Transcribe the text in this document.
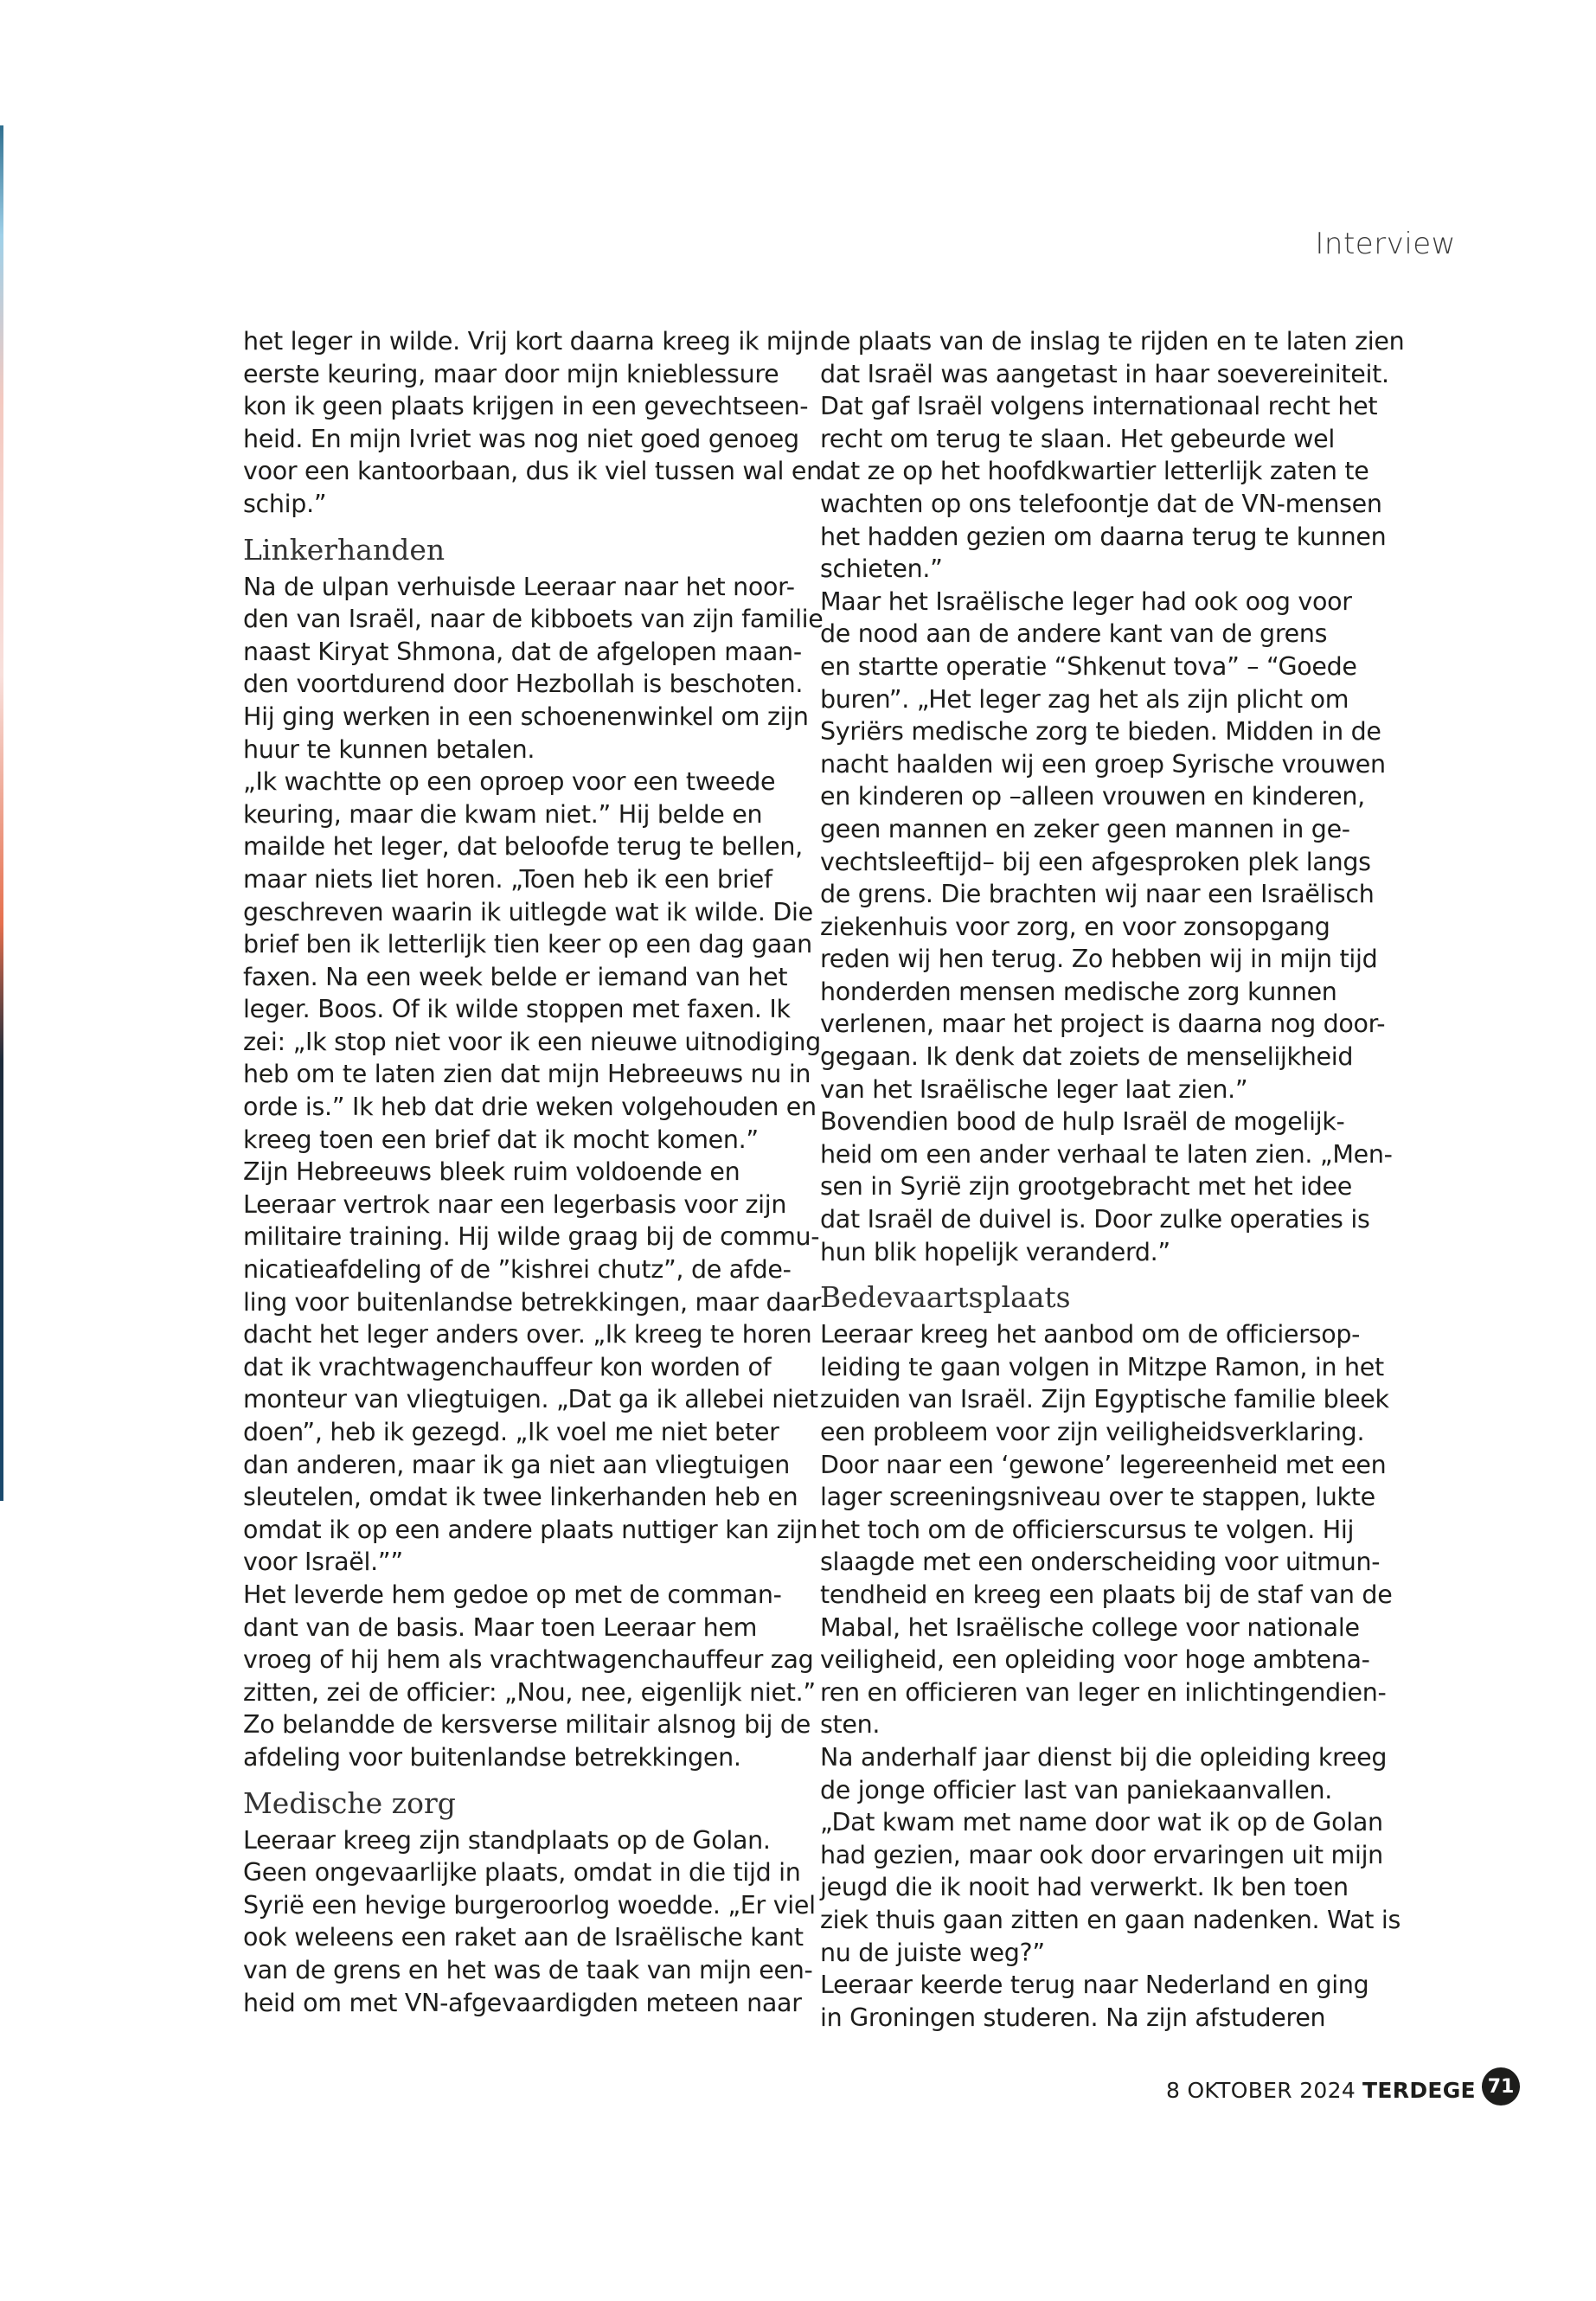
Interview
het leger in wilde. Vrij kort daarna kreeg ik mijn
eerste keuring, maar door mijn knieblessure
kon ik geen plaats krijgen in een gevechtseen-
heid. En mijn Ivriet was nog niet goed genoeg
voor een kantoorbaan, dus ik viel tussen wal en
schip.”
Linkerhanden
Na de ulpan verhuisde Leeraar naar het noor-
den van Israël, naar de kibboets van zijn familie
naast Kiryat Shmona, dat de afgelopen maan-
den voortdurend door Hezbollah is beschoten.
Hij ging werken in een schoenenwinkel om zijn
huur te kunnen betalen.
„Ik wachtte op een oproep voor een tweede
keuring, maar die kwam niet.” Hij belde en
mailde het leger, dat beloofde terug te bellen,
maar niets liet horen. „Toen heb ik een brief
geschreven waarin ik uitlegde wat ik wilde. Die
brief ben ik letterlijk tien keer op een dag gaan
faxen. Na een week belde er iemand van het
leger. Boos. Of ik wilde stoppen met faxen. Ik
zei: „Ik stop niet voor ik een nieuwe uitnodiging
heb om te laten zien dat mijn Hebreeuws nu in
orde is.” Ik heb dat drie weken volgehouden en
kreeg toen een brief dat ik mocht komen.”
Zijn Hebreeuws bleek ruim voldoende en
Leeraar vertrok naar een legerbasis voor zijn
militaire training. Hij wilde graag bij de commu-
nicatieafdeling of de ”kishrei chutz”, de afde-
ling voor buitenlandse betrekkingen, maar daar
dacht het leger anders over. „Ik kreeg te horen
dat ik vrachtwagenchauffeur kon worden of
monteur van vliegtuigen. „Dat ga ik allebei niet
doen”, heb ik gezegd. „Ik voel me niet beter
dan anderen, maar ik ga niet aan vliegtuigen
sleutelen, omdat ik twee linkerhanden heb en
omdat ik op een andere plaats nuttiger kan zijn
voor Israël.””
Het leverde hem gedoe op met de comman-
dant van de basis. Maar toen Leeraar hem
vroeg of hij hem als vrachtwagenchauffeur zag
zitten, zei de officier: „Nou, nee, eigenlijk niet.”
Zo belandde de kersverse militair alsnog bij de
afdeling voor buitenlandse betrekkingen.
Medische zorg
Leeraar kreeg zijn standplaats op de Golan.
Geen ongevaarlijke plaats, omdat in die tijd in
Syrië een hevige burgeroorlog woedde. „Er viel
ook weleens een raket aan de Israëlische kant
van de grens en het was de taak van mijn een-
heid om met VN-afgevaardigden meteen naar
de plaats van de inslag te rijden en te laten zien
dat Israël was aangetast in haar soevereiniteit.
Dat gaf Israël volgens internationaal recht het
recht om terug te slaan. Het gebeurde wel
dat ze op het hoofdkwartier letterlijk zaten te
wachten op ons telefoontje dat de VN-mensen
het hadden gezien om daarna terug te kunnen
schieten.”
Maar het Israëlische leger had ook oog voor
de nood aan de andere kant van de grens
en startte operatie “Shkenut tova” – “Goede
buren”. „Het leger zag het als zijn plicht om
Syriërs medische zorg te bieden. Midden in de
nacht haalden wij een groep Syrische vrouwen
en kinderen op –alleen vrouwen en kinderen,
geen mannen en zeker geen mannen in ge-
vechtsleeftijd– bij een afgesproken plek langs
de grens. Die brachten wij naar een Israëlisch
ziekenhuis voor zorg, en voor zonsopgang
reden wij hen terug. Zo hebben wij in mijn tijd
honderden mensen medische zorg kunnen
verlenen, maar het project is daarna nog door-
gegaan. Ik denk dat zoiets de menselijkheid
van het Israëlische leger laat zien.”
Bovendien bood de hulp Israël de mogelijk-
heid om een ander verhaal te laten zien. „Men-
sen in Syrië zijn grootgebracht met het idee
dat Israël de duivel is. Door zulke operaties is
hun blik hopelijk veranderd.”
Bedevaartsplaats
Leeraar kreeg het aanbod om de officiersop-
leiding te gaan volgen in Mitzpe Ramon, in het
zuiden van Israël. Zijn Egyptische familie bleek
een probleem voor zijn veiligheidsverklaring.
Door naar een ‘gewone’ legereenheid met een
lager screeningsniveau over te stappen, lukte
het toch om de officierscursus te volgen. Hij
slaagde met een onderscheiding voor uitmun-
tendheid en kreeg een plaats bij de staf van de
Mabal, het Israëlische college voor nationale
veiligheid, een opleiding voor hoge ambtena-
ren en officieren van leger en inlichtingendien-
sten.
Na anderhalf jaar dienst bij die opleiding kreeg
de jonge officier last van paniekaanvallen.
„Dat kwam met name door wat ik op de Golan
had gezien, maar ook door ervaringen uit mijn
jeugd die ik nooit had verwerkt. Ik ben toen
ziek thuis gaan zitten en gaan nadenken. Wat is
nu de juiste weg?”
Leeraar keerde terug naar Nederland en ging
in Groningen studeren. Na zijn afstuderen
8 OKTOBER 2024 TERDEGE 71
